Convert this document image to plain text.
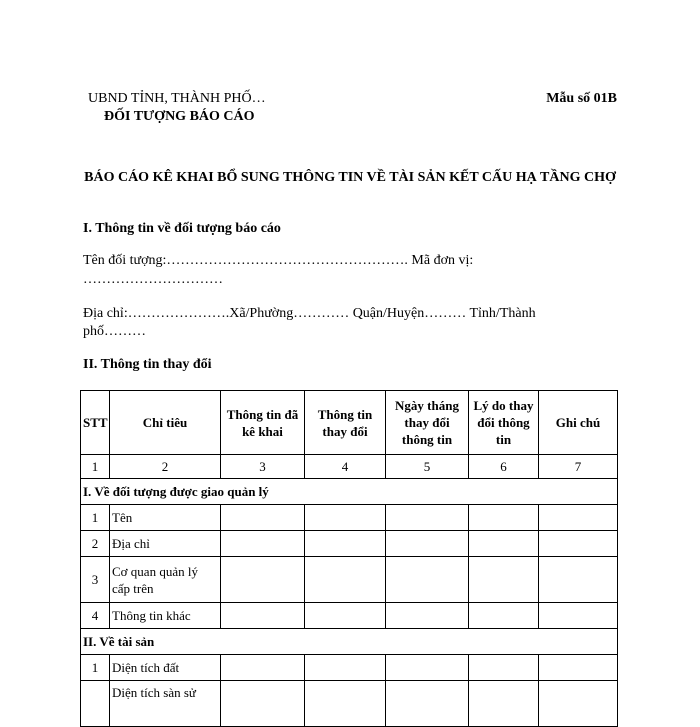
UBND TỈNH, THÀNH PHỐ…
ĐỐI TƯỢNG BÁO CÁO
Mẫu số 01B
BÁO CÁO KÊ KHAI BỔ SUNG THÔNG TIN VỀ TÀI SẢN KẾT CẤU HẠ TẦNG CHỢ
I. Thông tin về đối tượng báo cáo
Tên đối tượng:……………………………………………. Mã đơn vị:
…………………………
Địa chỉ:………………….Xã/Phường………… Quận/Huyện……… Tỉnh/Thành
phố………
II. Thông tin thay đổi
STT	Chỉ tiêu	Thông tin đã kê khai	Thông tin thay đổi	Ngày tháng thay đổi thông tin	Lý do thay đổi thông tin	Ghi chú
1	2	3	4	5	6	7
I. Về đối tượng được giao quản lý						
1	Tên					
2	Địa chỉ					
3	Cơ quan quản lý cấp trên					
4	Thông tin khác					
II. Về tài sản						
1	Diện tích đất					
	Diện tích sàn sử					
